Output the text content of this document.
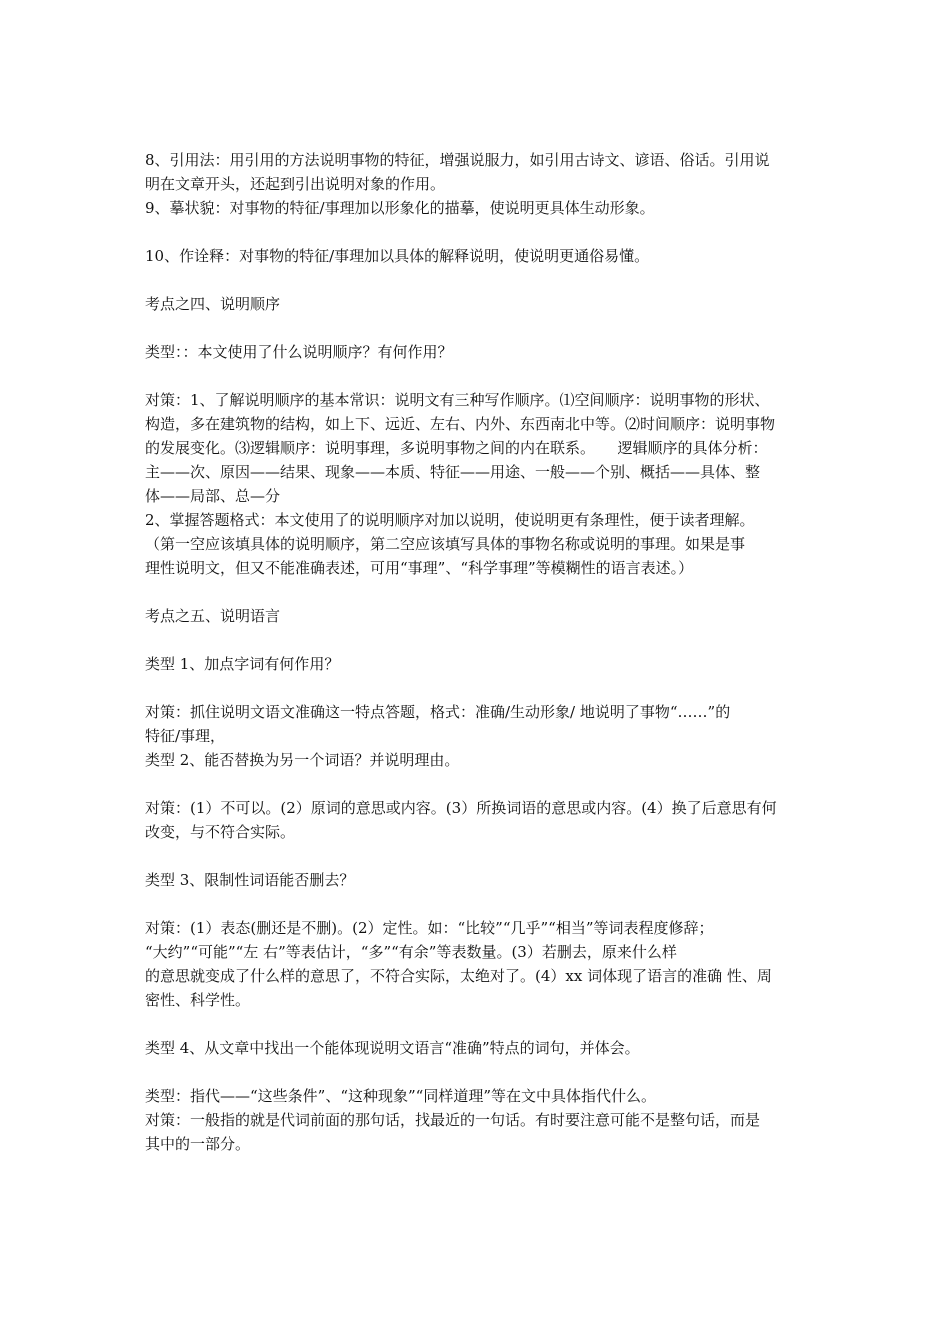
8、引用法：用引用的方法说明事物的特征，增强说服力，如引用古诗文、谚语、俗话。引用说
明在文章开头，还起到引出说明对象的作用。
9、摹状貌：对事物的特征/事理加以形象化的描摹，使说明更具体生动形象。
10、作诠释：对事物的特征/事理加以具体的解释说明，使说明更通俗易懂。
考点之四、说明顺序
类型：：本文使用了什么说明顺序？有何作用？
对策：1、了解说明顺序的基本常识：说明文有三种写作顺序。⑴空间顺序：说明事物的形状、
构造，多在建筑物的结构，如上下、远近、左右、内外、东西南北中等。⑵时间顺序：说明事物
的发展变化。⑶逻辑顺序：说明事理，多说明事物之间的内在联系。　　逻辑顺序的具体分析：
主——次、原因——结果、现象——本质、特征——用途、一般——个别、概括——具体、整
体——局部、总—分
2、掌握答题格式：本文使用了的说明顺序对加以说明，使说明更有条理性，便于读者理解。
（第一空应该填具体的说明顺序，第二空应该填写具体的事物名称或说明的事理。如果是事
理性说明文，但又不能准确表述，可用“事理”、“科学事理”等模糊性的语言表述。）
考点之五、说明语言
类型 1、加点字词有何作用？
对策：抓住说明文语文准确这一特点答题，格式：准确/生动形象/ 地说明了事物“……”的
特征/事理，
类型 2、能否替换为另一个词语？并说明理由。
对策：(1）不可以。(2）原词的意思或内容。(3）所换词语的意思或内容。(4）换了后意思有何
改变，与不符合实际。
类型 3、限制性词语能否删去？
对策：(1）表态(删还是不删)。(2）定性。如：“比较”“几乎”“相当”等词表程度修辞；
“大约”“可能”“左 右”等表估计，“多”“有余”等表数量。(3）若删去，原来什么样
的意思就变成了什么样的意思了，不符合实际，太绝对了。(4）xx 词体现了语言的准确 性、周
密性、科学性。
类型 4、从文章中找出一个能体现说明文语言“准确”特点的词句，并体会。
类型：指代——“这些条件”、“这种现象”“同样道理”等在文中具体指代什么。
对策：一般指的就是代词前面的那句话，找最近的一句话。有时要注意可能不是整句话，而是
其中的一部分。
